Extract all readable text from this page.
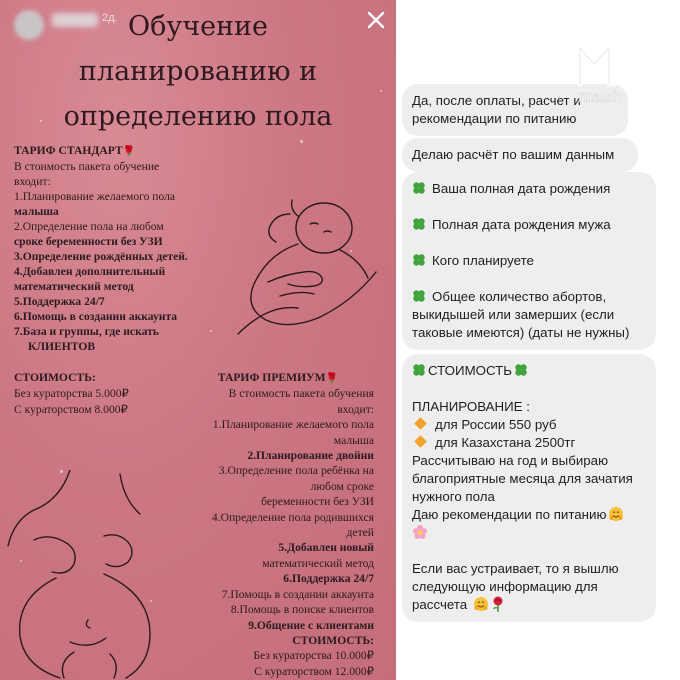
2д. Обучение
планированию и
определению пола
ТАРИФ СТАНДАРТ🌹
В стоимость пакета обучение
входит:
1.Планирование желаемого пола
малыша
2.Определение пола на любом
сроке беременности без УЗИ
3.Определение рождённых детей.
4.Добавлен дополнительный
математический метод
5.Поддержка 24/7
6.Помощь в создании аккаунта
7.База и группы, где искать
КЛИЕНТОВ
СТОИМОСТЬ:
Без кураторства 5.000₽
С кураторством 8.000₽
ТАРИФ ПРЕМИУМ🌹
В стоимость пакета обучения
входит:
1.Планирование желаемого пола
малыша
2.Планирование двойни
3.Определение пола ребёнка на
любом сроке
беременности без УЗИ
4.Определение пола родившихся
детей
5.Добавлен новый
математический метод
6.Поддержка 24/7
7.Помощь в создании аккаунта
8.Помощь в поиске клиентов
9.Общение с клиентами
СТОИМОСТЬ:
Без кураторства 10.000₽
С кураторством 12.000₽
Да, после оплаты, расчет и
рекомендации по питанию
Делаю расчёт по вашим данным
Ваша полная дата рождения
Полная дата рождения мужа
Кого планируете
Общее количество абортов,
выкидышей или замерших (если
таковые имеются) (даты не нужны)
СТОИМОСТЬ
ПЛАНИРОВАНИЕ :
для России 550 руб
для Казахстана 2500тг
Рассчитываю на год и выбираю
благоприятные месяца для зачатия
нужного пола
Даю рекомендации по питанию
Если вас устраивает, то я вышлю
следующую информацию для
рассчета
mash
